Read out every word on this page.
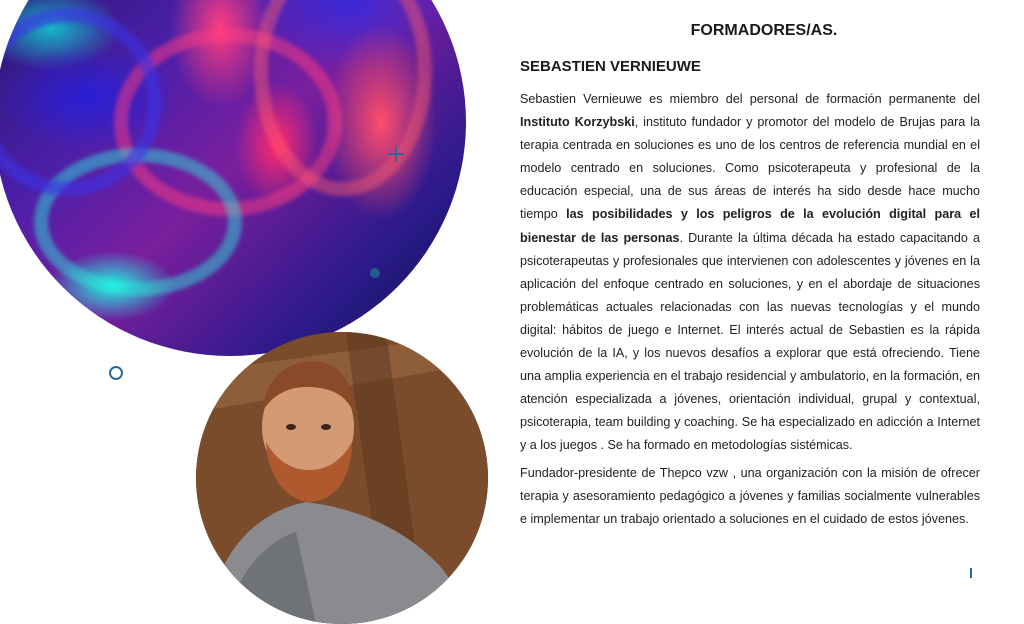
FORMADORES/AS.
SEBASTIEN VERNIEUWE

Sebastien Vernieuwe es miembro del personal de formación permanente del Instituto Korzybski, instituto fundador y promotor del modelo de Brujas para la terapia centrada en soluciones es uno de los centros de referencia mundial en el modelo centrado en soluciones. Como psicoterapeuta y profesional de la educación especial, una de sus áreas de interés ha sido desde hace mucho tiempo las posibilidades y los peligros de la evolución digital para el bienestar de las personas. Durante la última década ha estado capacitando a psicoterapeutas y profesionales que intervienen con adolescentes y jóvenes en la aplicación del enfoque centrado en soluciones, y en el abordaje de situaciones problemáticas actuales relacionadas con las nuevas tecnologías y el mundo digital: hábitos de juego e Internet. El interés actual de Sebastien es la rápida evolución de la IA, y los nuevos desafíos a explorar que está ofreciendo. Tiene una amplia experiencia en el trabajo residencial y ambulatorio, en la formación, en atención especializada a jóvenes, orientación individual, grupal y contextual, psicoterapia, team building y coaching. Se ha especializado en adicción a Internet y a los juegos . Se ha formado en metodologías sistémicas.

Fundador-presidente de Thepco vzw , una organización con la misión de ofrecer terapia y asesoramiento pedagógico a jóvenes y familias socialmente vulnerables e implementar un trabajo orientado a soluciones en el cuidado de estos jóvenes.
